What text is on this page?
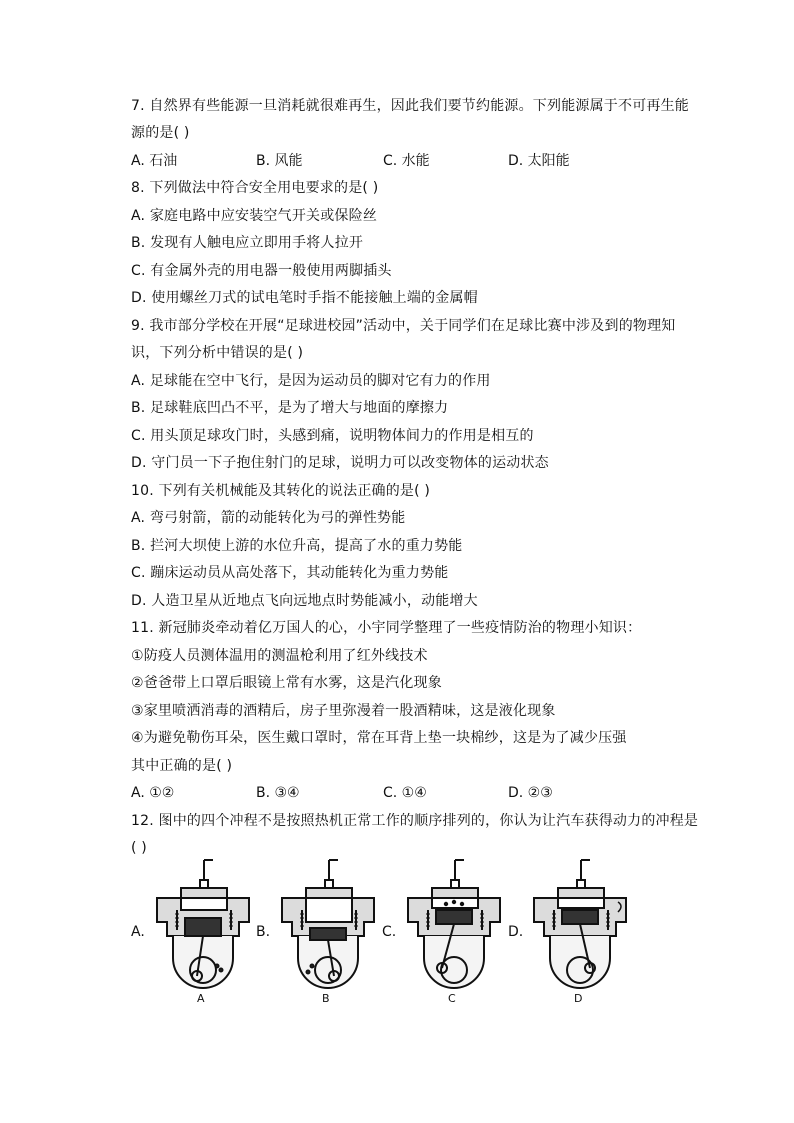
7. 自然界有些能源一旦消耗就很难再生，因此我们要节约能源。下列能源属于不可再生能
源的是( )
A. 石油	B. 风能	C. 水能	D. 太阳能
8. 下列做法中符合安全用电要求的是( )
A. 家庭电路中应安装空气开关或保险丝
B. 发现有人触电应立即用手将人拉开
C. 有金属外壳的用电器一般使用两脚插头
D. 使用螺丝刀式的试电笔时手指不能接触上端的金属帽
9. 我市部分学校在开展“足球进校园”活动中，关于同学们在足球比赛中涉及到的物理知
识，下列分析中错误的是( )
A. 足球能在空中飞行，是因为运动员的脚对它有力的作用
B. 足球鞋底凹凸不平，是为了增大与地面的摩擦力
C. 用头顶足球攻门时，头感到痛，说明物体间力的作用是相互的
D. 守门员一下子抱住射门的足球，说明力可以改变物体的运动状态
10. 下列有关机械能及其转化的说法正确的是( )
A. 弯弓射箭，箭的动能转化为弓的弹性势能
B. 拦河大坝使上游的水位升高，提高了水的重力势能
C. 蹦床运动员从高处落下，其动能转化为重力势能
D. 人造卫星从近地点飞向远地点时势能减小，动能增大
11. 新冠肺炎牵动着亿万国人的心，小宇同学整理了一些疫情防治的物理小知识：
①防疫人员测体温用的测温枪利用了红外线技术
②爸爸带上口罩后眼镜上常有水雾，这是汽化现象
③家里喷洒消毒的酒精后，房子里弥漫着一股酒精味，这是液化现象
④为避免勒伤耳朵，医生戴口罩时，常在耳背上垫一块棉纱，这是为了减少压强
其中正确的是( )
A. ①②	B. ③④	C. ①④	D. ②③
12. 图中的四个冲程不是按照热机正常工作的顺序排列的，你认为让汽车获得动力的冲程是
( )
A.	B.	C.	D.
A	B	C	D
